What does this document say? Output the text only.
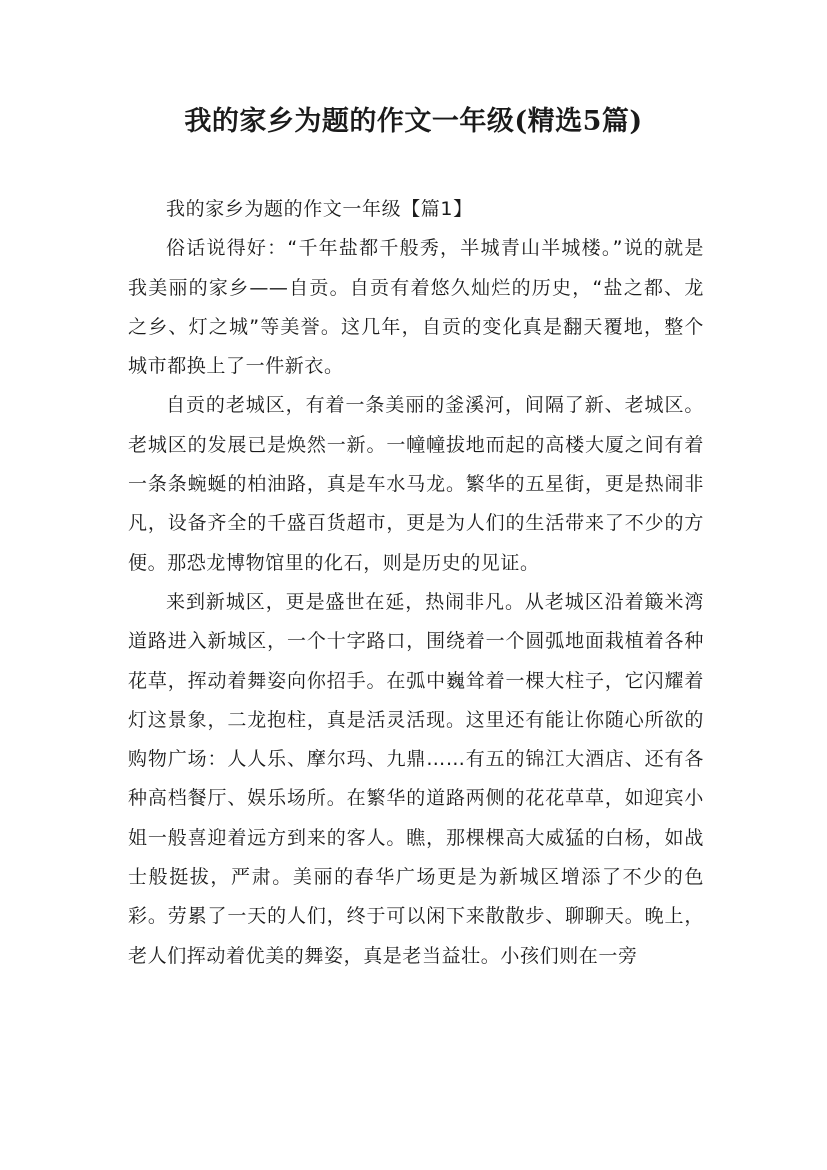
我的家乡为题的作文一年级(精选5篇)
我的家乡为题的作文一年级【篇1】

俗话说得好：“千年盐都千般秀，半城青山半城楼。”说的就是我美丽的家乡——自贡。自贡有着悠久灿烂的历史，“盐之都、龙之乡、灯之城”等美誉。这几年，自贡的变化真是翻天覆地，整个城市都换上了一件新衣。

自贡的老城区，有着一条美丽的釜溪河，间隔了新、老城区。老城区的发展已是焕然一新。一幢幢拔地而起的高楼大厦之间有着一条条蜿蜒的柏油路，真是车水马龙。繁华的五星街，更是热闹非凡，设备齐全的千盛百货超市，更是为人们的生活带来了不少的方便。那恐龙博物馆里的化石，则是历史的见证。

来到新城区，更是盛世在延，热闹非凡。从老城区沿着簸米湾道路进入新城区，一个十字路口，围绕着一个圆弧地面栽植着各种花草，挥动着舞姿向你招手。在弧中巍耸着一棵大柱子，它闪耀着灯这景象，二龙抱柱，真是活灵活现。这里还有能让你随心所欲的购物广场：人人乐、摩尔玛、九鼎……有五的锦江大酒店、还有各种高档餐厅、娱乐场所。在繁华的道路两侧的花花草草，如迎宾小姐一般喜迎着远方到来的客人。瞧，那棵棵高大威猛的白杨，如战士般挺拔，严肃。美丽的春华广场更是为新城区增添了不少的色彩。劳累了一天的人们，终于可以闲下来散散步、聊聊天。晚上，老人们挥动着优美的舞姿，真是老当益壮。小孩们则在一旁
